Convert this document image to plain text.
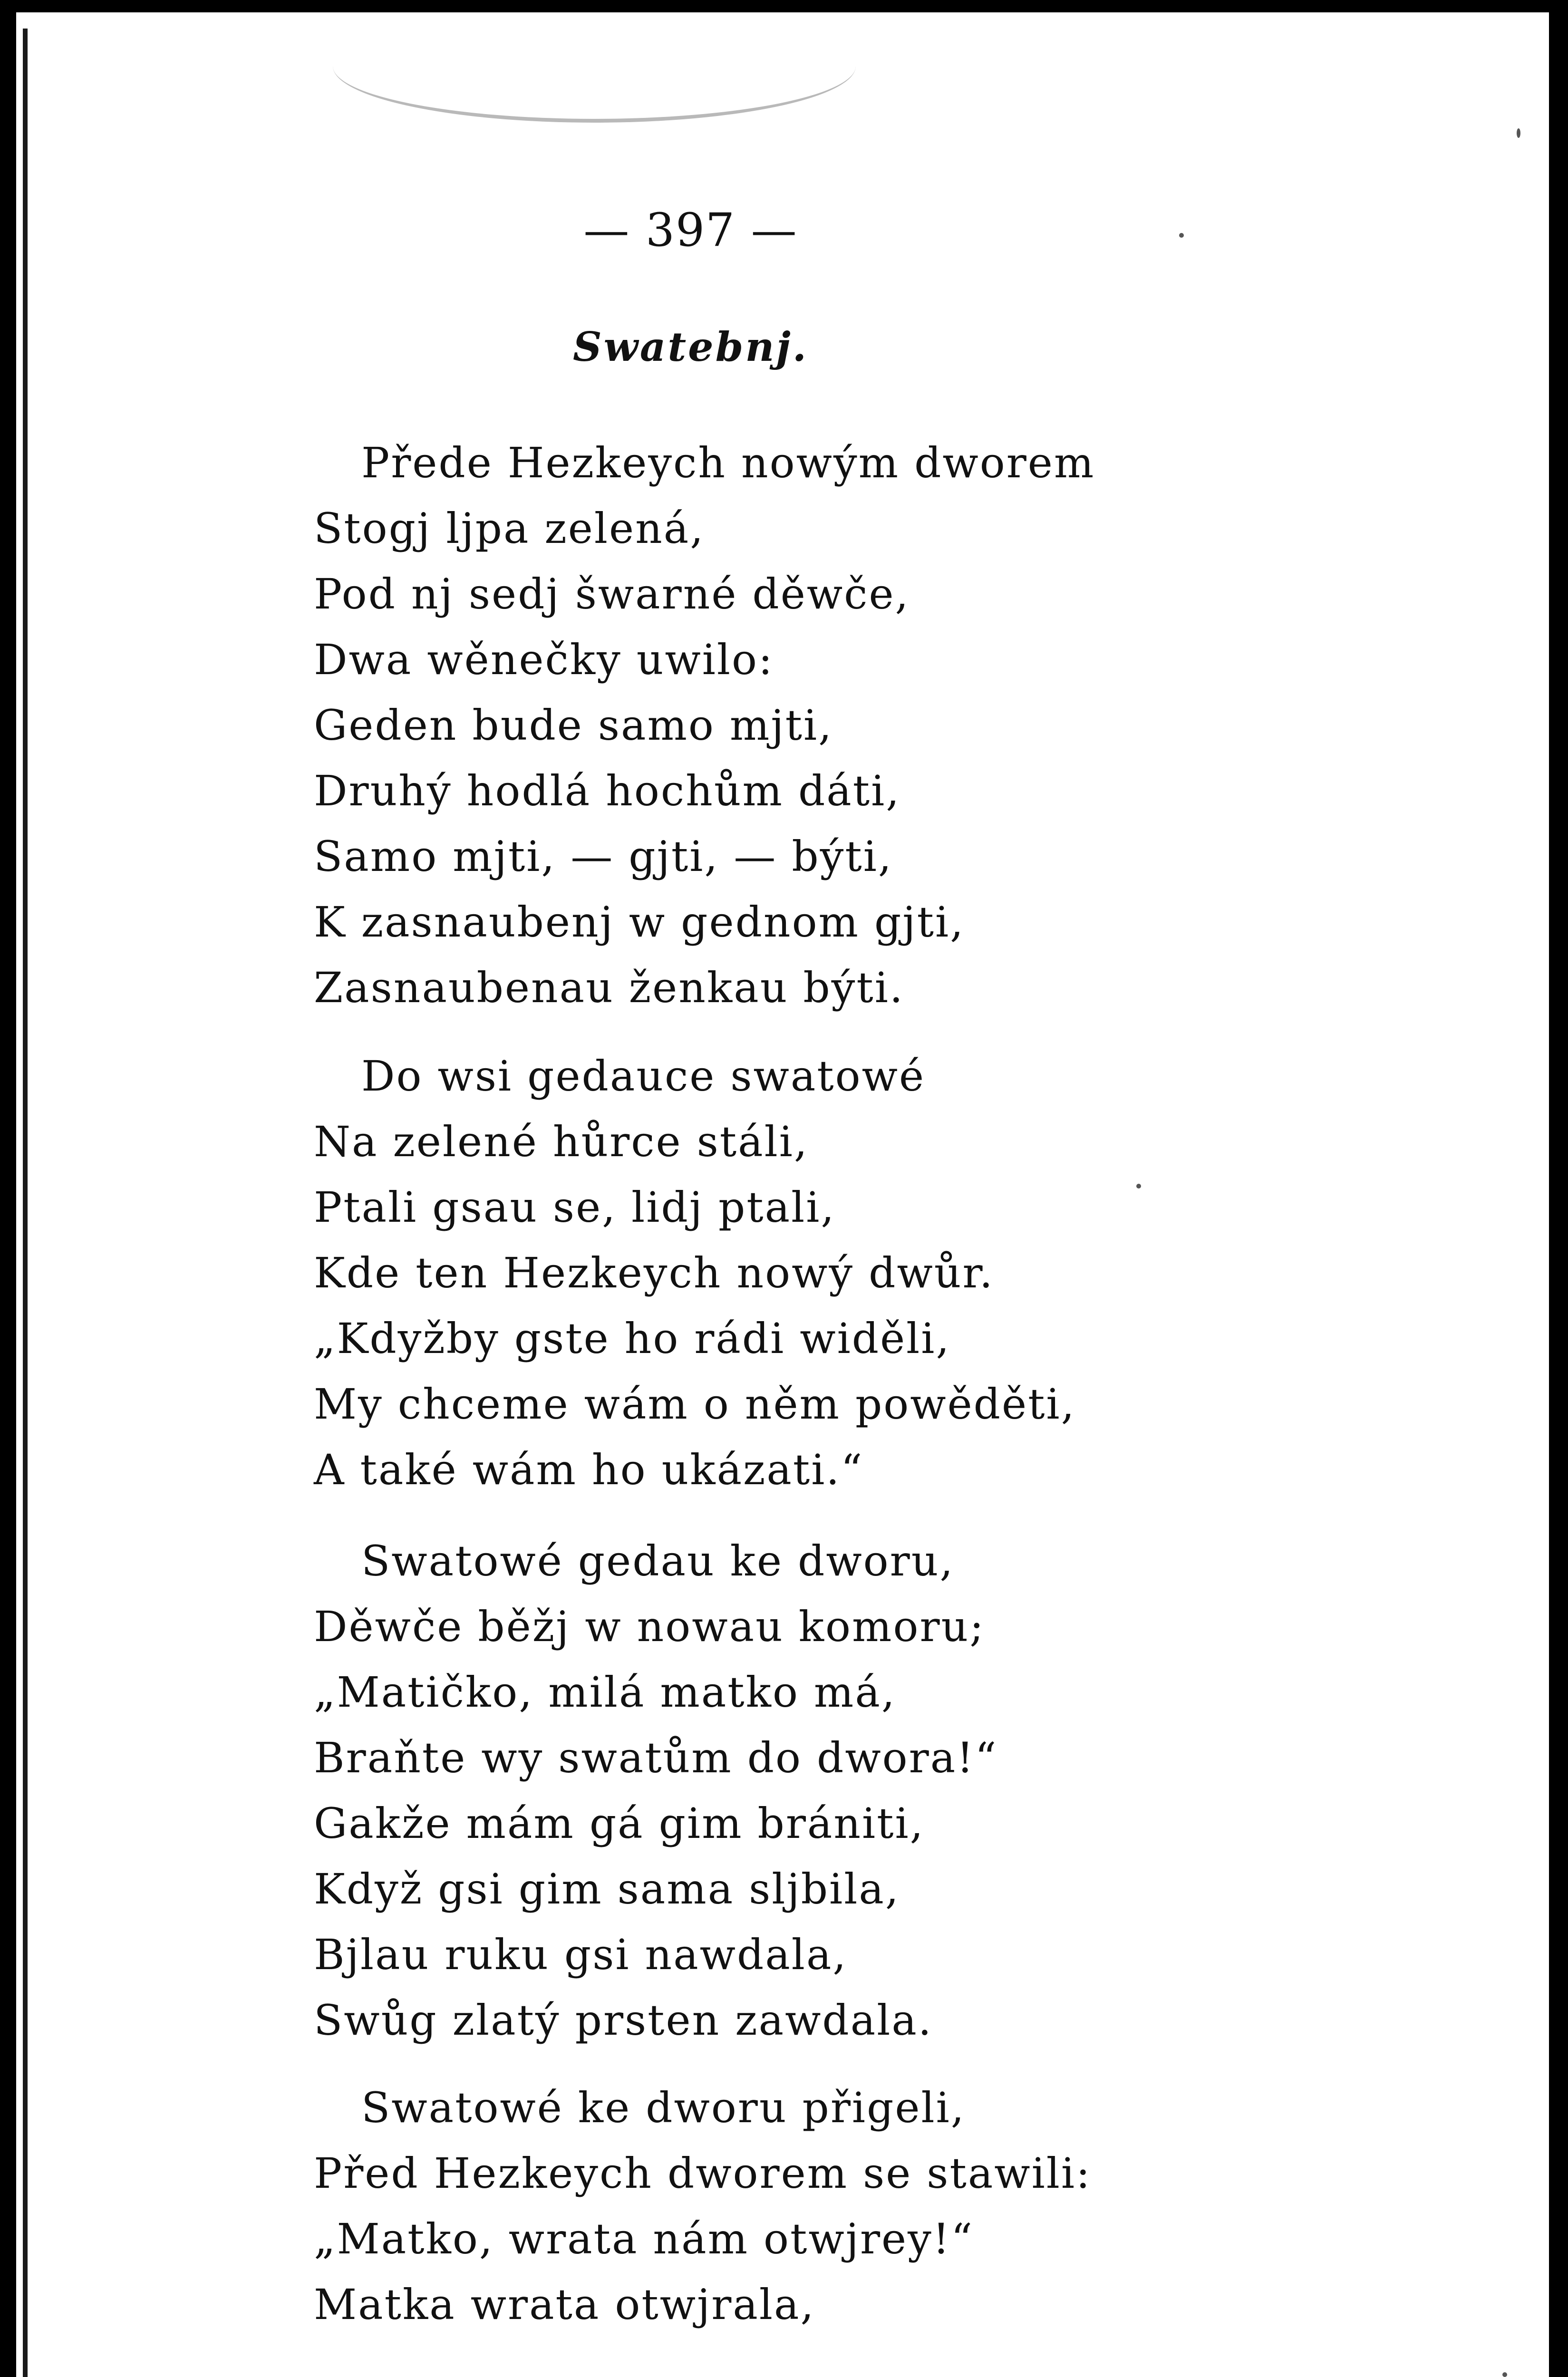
— 397 —
Swatebnj.
Přede Hezkeych nowým dworem
Stogj ljpa zelená,
Pod nj sedj šwarné děwče,
Dwa wěnečky uwilo:
Geden bude samo mjti,
Druhý hodlá hochům dáti,
Samo mjti, — gjti, — býti,
K zasnaubenj w gednom gjti,
Zasnaubenau ženkau býti.
Do wsi gedauce swatowé
Na zelené hůrce stáli,
Ptali gsau se, lidj ptali,
Kde ten Hezkeych nowý dwůr.
„Kdyžby gste ho rádi widěli,
My chceme wám o něm powěděti,
A také wám ho ukázati.“
Swatowé gedau ke dworu,
Děwče běžj w nowau komoru;
„Matičko, milá matko má,
Braňte wy swatům do dwora!“
Gakže mám gá gim brániti,
Když gsi gim sama sljbila,
Bjlau ruku gsi nawdala,
Swůg zlatý prsten zawdala.
Swatowé ke dworu přigeli,
Před Hezkeych dworem se stawili:
„Matko, wrata nám otwjrey!“
Matka wrata otwjrala,
